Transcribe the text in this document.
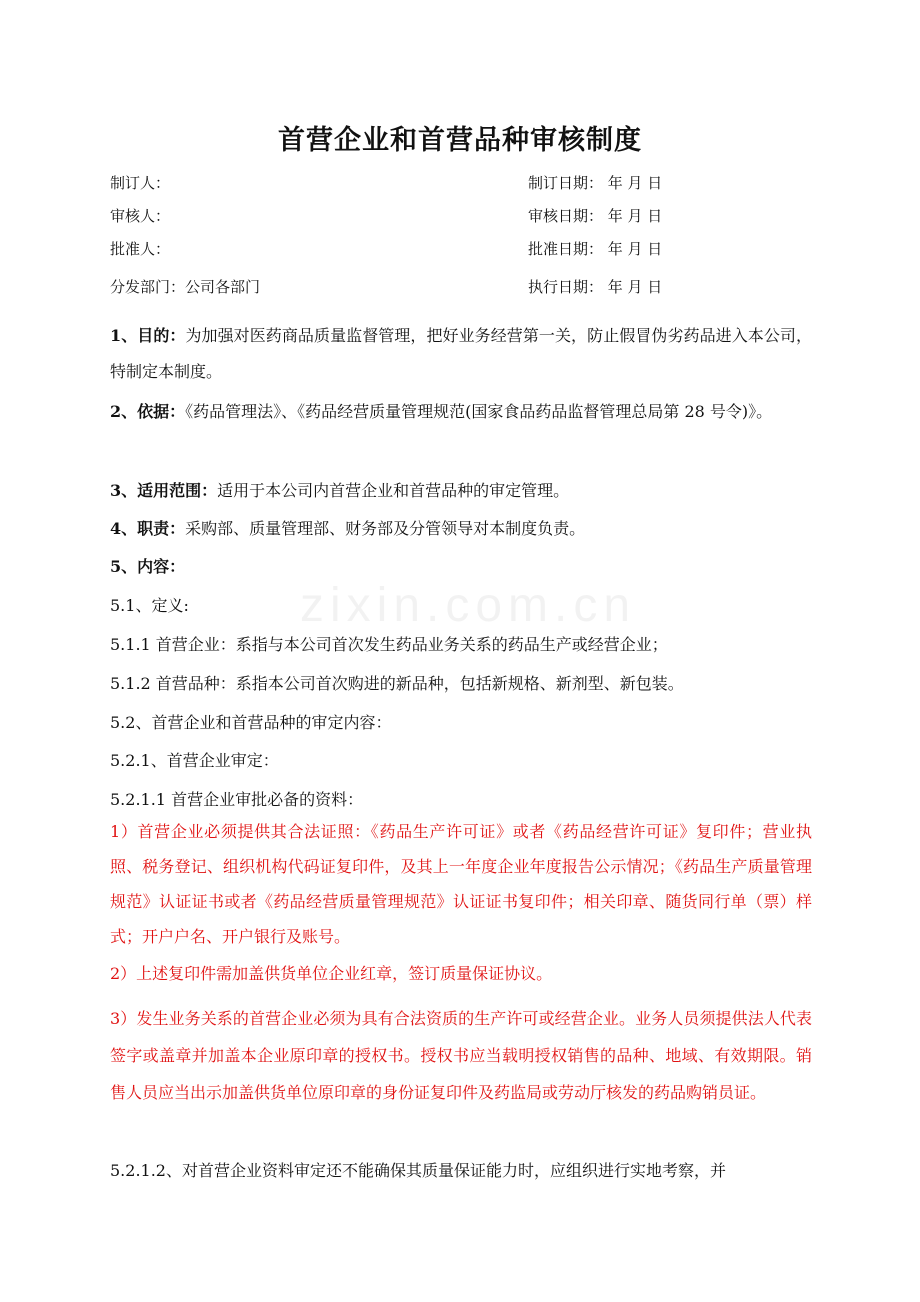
zixin.com.cn
首营企业和首营品种审核制度
制订人：	制订日期： 年 月 日
审核人：	审核日期： 年 月 日
批准人：	批准日期： 年 月 日
分发部门：公司各部门	执行日期： 年 月 日
1、目的：为加强对医药商品质量监督管理，把好业务经营第一关，防止假冒伪劣药品进入本公司，特制定本制度。
2、依据：《药品管理法》、《药品经营质量管理规范(国家食品药品监督管理总局第 28 号令)》。
3、适用范围：适用于本公司内首营企业和首营品种的审定管理。
4、职责：采购部、质量管理部、财务部及分管领导对本制度负责。
5、内容：
5.1、定义:
5.1.1 首营企业：系指与本公司首次发生药品业务关系的药品生产或经营企业；
5.1.2 首营品种：系指本公司首次购进的新品种，包括新规格、新剂型、新包装。
5.2、首营企业和首营品种的审定内容：
5.2.1、首营企业审定：
5.2.1.1 首营企业审批必备的资料：
1）首营企业必须提供其合法证照：《药品生产许可证》或者《药品经营许可证》复印件；营业执照、税务登记、组织机构代码证复印件，及其上一年度企业年度报告公示情况；《药品生产质量管理规范》认证证书或者《药品经营质量管理规范》认证证书复印件；相关印章、随货同行单（票）样式；开户户名、开户银行及账号。
2）上述复印件需加盖供货单位企业红章，签订质量保证协议。
3）发生业务关系的首营企业必须为具有合法资质的生产许可或经营企业。业务人员须提供法人代表签字或盖章并加盖本企业原印章的授权书。授权书应当载明授权销售的品种、地域、有效期限。销售人员应当出示加盖供货单位原印章的身份证复印件及药监局或劳动厅核发的药品购销员证。
5.2.1.2、对首营企业资料审定还不能确保其质量保证能力时，应组织进行实地考察，并
